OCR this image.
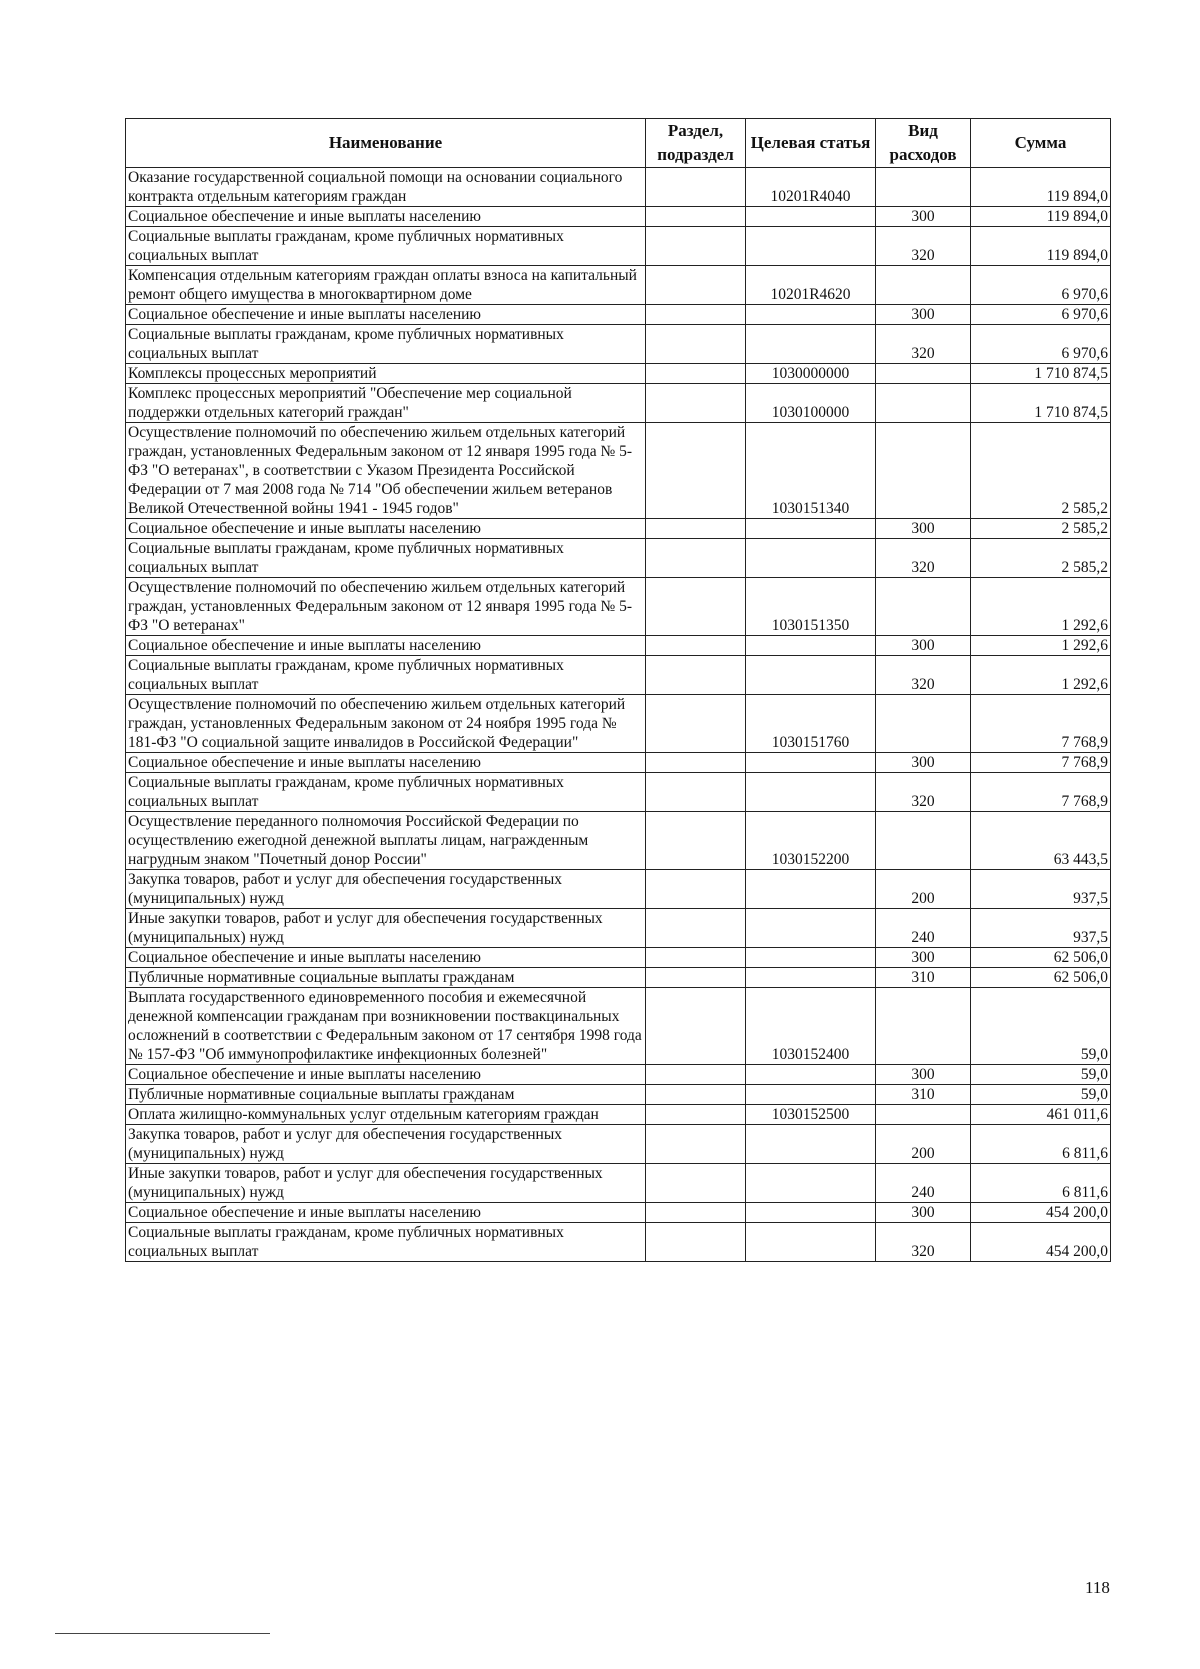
Наименование	Раздел, подраздел	Целевая статья	Вид расходов	Сумма
Оказание государственной социальной помощи на основании социального контракта отдельным категориям граждан		10201R4040		119 894,0
Социальное обеспечение и иные выплаты населению			300	119 894,0
Социальные выплаты гражданам, кроме публичных нормативных социальных выплат			320	119 894,0
Компенсация отдельным категориям граждан оплаты взноса на капитальный ремонт общего имущества в многоквартирном доме		10201R4620		6 970,6
Социальное обеспечение и иные выплаты населению			300	6 970,6
Социальные выплаты гражданам, кроме публичных нормативных социальных выплат			320	6 970,6
Комплексы процессных мероприятий		1030000000		1 710 874,5
Комплекс процессных мероприятий "Обеспечение мер социальной поддержки отдельных категорий граждан"		1030100000		1 710 874,5
Осуществление полномочий по обеспечению жильем отдельных категорий граждан, установленных Федеральным законом от 12 января 1995 года № 5-ФЗ "О ветеранах", в соответствии с Указом Президента Российской Федерации от 7 мая 2008 года № 714 "Об обеспечении жильем ветеранов Великой Отечественной войны 1941 - 1945 годов"		1030151340		2 585,2
Социальное обеспечение и иные выплаты населению			300	2 585,2
Социальные выплаты гражданам, кроме публичных нормативных социальных выплат			320	2 585,2
Осуществление полномочий по обеспечению жильем отдельных категорий граждан, установленных Федеральным законом от 12 января 1995 года № 5-ФЗ "О ветеранах"		1030151350		1 292,6
Социальное обеспечение и иные выплаты населению			300	1 292,6
Социальные выплаты гражданам, кроме публичных нормативных социальных выплат			320	1 292,6
Осуществление полномочий по обеспечению жильем отдельных категорий граждан, установленных Федеральным законом от 24 ноября 1995 года № 181-ФЗ "О социальной защите инвалидов в Российской Федерации"		1030151760		7 768,9
Социальное обеспечение и иные выплаты населению			300	7 768,9
Социальные выплаты гражданам, кроме публичных нормативных социальных выплат			320	7 768,9
Осуществление переданного полномочия Российской Федерации по осуществлению ежегодной денежной выплаты лицам, награжденным нагрудным знаком "Почетный донор России"		1030152200		63 443,5
Закупка товаров, работ и услуг для обеспечения государственных (муниципальных) нужд			200	937,5
Иные закупки товаров, работ и услуг для обеспечения государственных (муниципальных) нужд			240	937,5
Социальное обеспечение и иные выплаты населению			300	62 506,0
Публичные нормативные социальные выплаты гражданам			310	62 506,0
Выплата государственного единовременного пособия и ежемесячной денежной компенсации гражданам при возникновении поствакцинальных осложнений в соответствии с Федеральным законом от 17 сентября 1998 года № 157-ФЗ "Об иммунопрофилактике инфекционных болезней"		1030152400		59,0
Социальное обеспечение и иные выплаты населению			300	59,0
Публичные нормативные социальные выплаты гражданам			310	59,0
Оплата жилищно-коммунальных услуг отдельным категориям граждан		1030152500		461 011,6
Закупка товаров, работ и услуг для обеспечения государственных (муниципальных) нужд			200	6 811,6
Иные закупки товаров, работ и услуг для обеспечения государственных (муниципальных) нужд			240	6 811,6
Социальное обеспечение и иные выплаты населению			300	454 200,0
Социальные выплаты гражданам, кроме публичных нормативных социальных выплат			320	454 200,0
118
